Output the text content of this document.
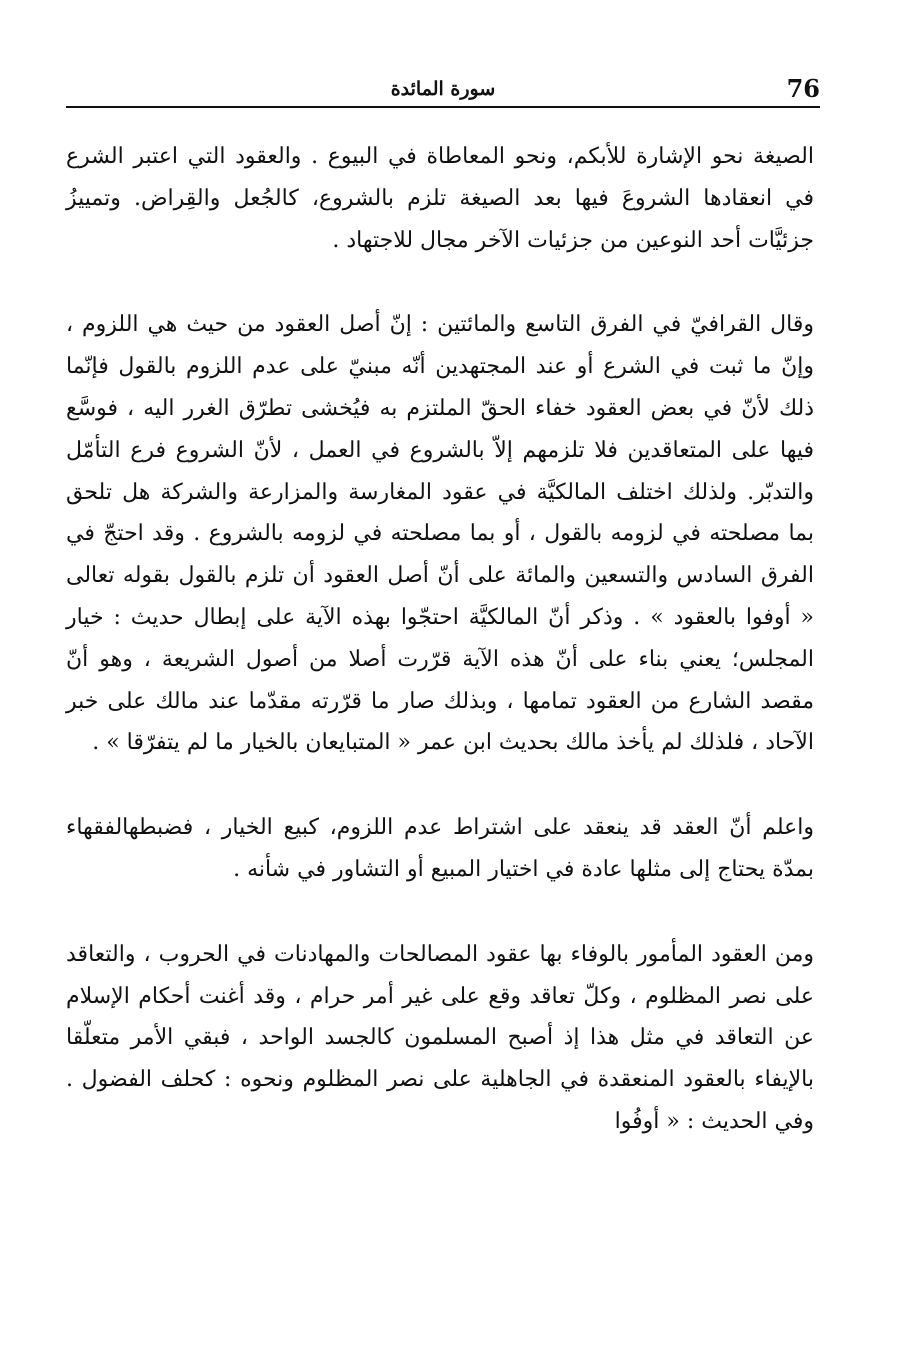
سورة المائدة	76

الصيغة نحو الإشارة للأبكم، ونحو المعاطاة في البيوع . والعقود التي اعتبر الشرع في انعقادها الشروعَ فيها بعد الصيغة تلزم بالشروع، كالجُعل والقِراض. وتمييزُ جزئيَّات أحد النوعين من جزئيات الآخر مجال للاجتهاد .

وقال القرافيّ في الفرق التاسع والمائتين : إنّ أصل العقود من حيث هي اللزوم ، وإنّ ما ثبت في الشرع أو عند المجتهدين أنّه مبنيّ على عدم اللزوم بالقول فإنّما ذلك لأنّ في بعض العقود خفاء الحقّ الملتزم به فيُخشى تطرّق الغرر اليه ، فوسَّع فيها على المتعاقدين فلا تلزمهم إلاّ بالشروع في العمل ، لأنّ الشروع فرع التأمّل والتدبّر. ولذلك اختلف المالكيَّة في عقود المغارسة والمزارعة والشركة هل تلحق بما مصلحته في لزومه بالقول ، أو بما مصلحته في لزومه بالشروع . وقد احتجّ في الفرق السادس والتسعين والمائة على أنّ أصل العقود أن تلزم بالقول بقوله تعالى « أوفوا بالعقود » . وذكر أنّ المالكيَّة احتجّوا بهذه الآية على إبطال حديث : خيار المجلس؛ يعني بناء على أنّ هذه الآية قرّرت أصلا من أصول الشريعة ، وهو أنّ مقصد الشارع من العقود تمامها ، وبذلك صار ما قرّرته مقدّما عند مالك على خبر الآحاد ، فلذلك لم يأخذ مالك بحديث ابن عمر « المتبايعان بالخيار ما لم يتفرّقا » .

واعلم أنّ العقد قد ينعقد على اشتراط عدم اللزوم، كبيع الخيار ، فضبطهالفقهاء بمدّة يحتاج إلى مثلها عادة في اختيار المبيع أو التشاور في شأنه .

ومن العقود المأمور بالوفاء بها عقود المصالحات والمهادنات في الحروب ، والتعاقد على نصر المظلوم ، وكلّ تعاقد وقع على غير أمر حرام ، وقد أغنت أحكام الإسلام عن التعاقد في مثل هذا إذ أصبح المسلمون كالجسد الواحد ، فبقي الأمر متعلّقا بالإيفاء بالعقود المنعقدة في الجاهلية على نصر المظلوم ونحوه : كحلف الفضول . وفي الحديث : « أوفُوا
